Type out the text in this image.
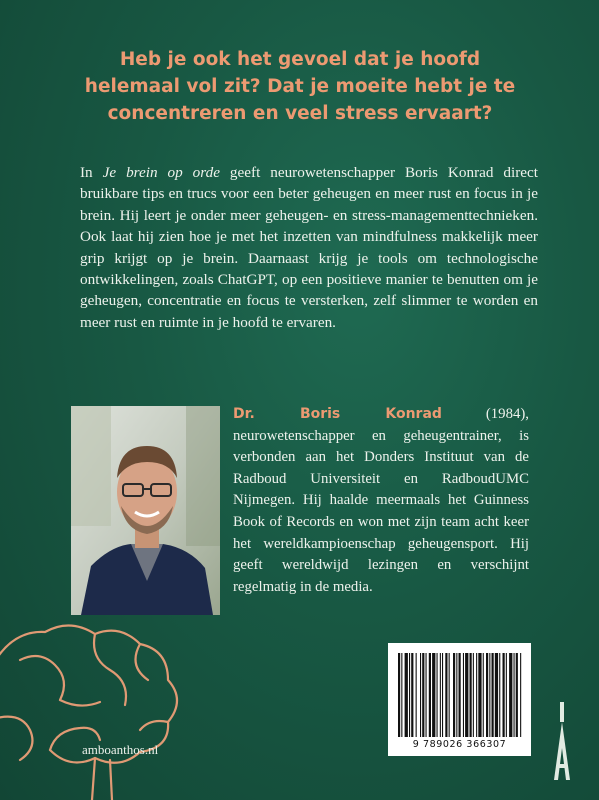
Heb je ook het gevoel dat je hoofd
helemaal vol zit? Dat je moeite hebt je te
concentreren en veel stress ervaart?

In Je brein op orde geeft neurowetenschapper Boris Konrad direct bruikbare tips en trucs voor een beter geheugen en meer rust en focus in je brein. Hij leert je onder meer geheugen- en stress-managementtechnieken. Ook laat hij zien hoe je met het inzetten van mindfulness makkelijk meer grip krijgt op je brein. Daarnaast krijg je tools om technologische ontwikkelingen, zoals ChatGPT, op een positieve manier te benutten om je geheugen, concentratie en focus te versterken, zelf slimmer te worden en meer rust en ruimte in je hoofd te ervaren.

Dr. Boris Konrad (1984), neurowetenschapper en geheugentrainer, is verbonden aan het Donders Instituut van de Radboud Universiteit en RadboudUMC Nijmegen. Hij haalde meermaals het Guinness Book of Records en won met zijn team acht keer het wereldkampioenschap geheugensport. Hij geeft wereldwijd lezingen en verschijnt regelmatig in de media.

amboanthos.nl	9 789026 366307
